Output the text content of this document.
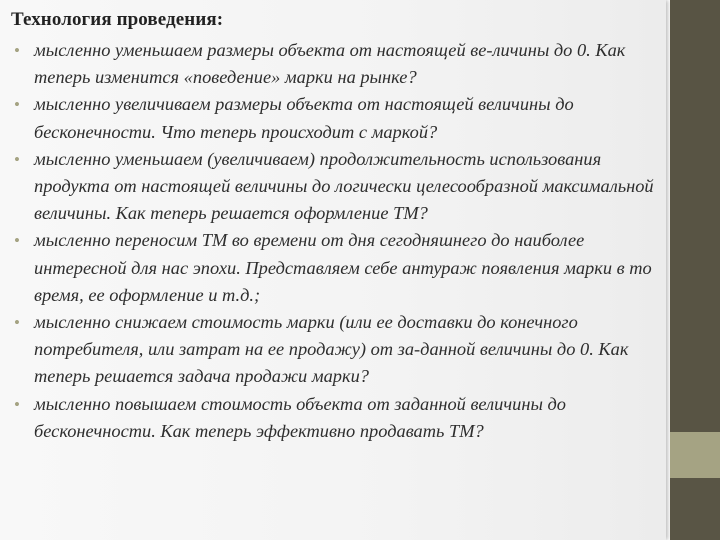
Технология проведения:
• мысленно уменьшаем размеры объекта от настоящей ве-личины до 0. Как теперь изменится «поведение» марки на рынке?
• мысленно увеличиваем размеры объекта от настоящей величины до бесконечности. Что теперь происходит с маркой?
• мысленно уменьшаем (увеличиваем) продолжительность использования продукта от настоящей величины до логически целесообразной максимальной величины. Как теперь решается оформление ТМ?
• мысленно переносим ТМ во времени от дня сегодняшнего до наиболее интересной для нас эпохи. Представляем себе антураж появления марки в то время, ее оформление и т.д.;
• мысленно снижаем стоимость марки (или ее доставки до конечного потребителя, или затрат на ее продажу) от за-данной величины до 0. Как теперь решается задача продажи марки?
• мысленно повышаем стоимость объекта от заданной величины до бесконечности. Как теперь эффективно продавать ТМ?
